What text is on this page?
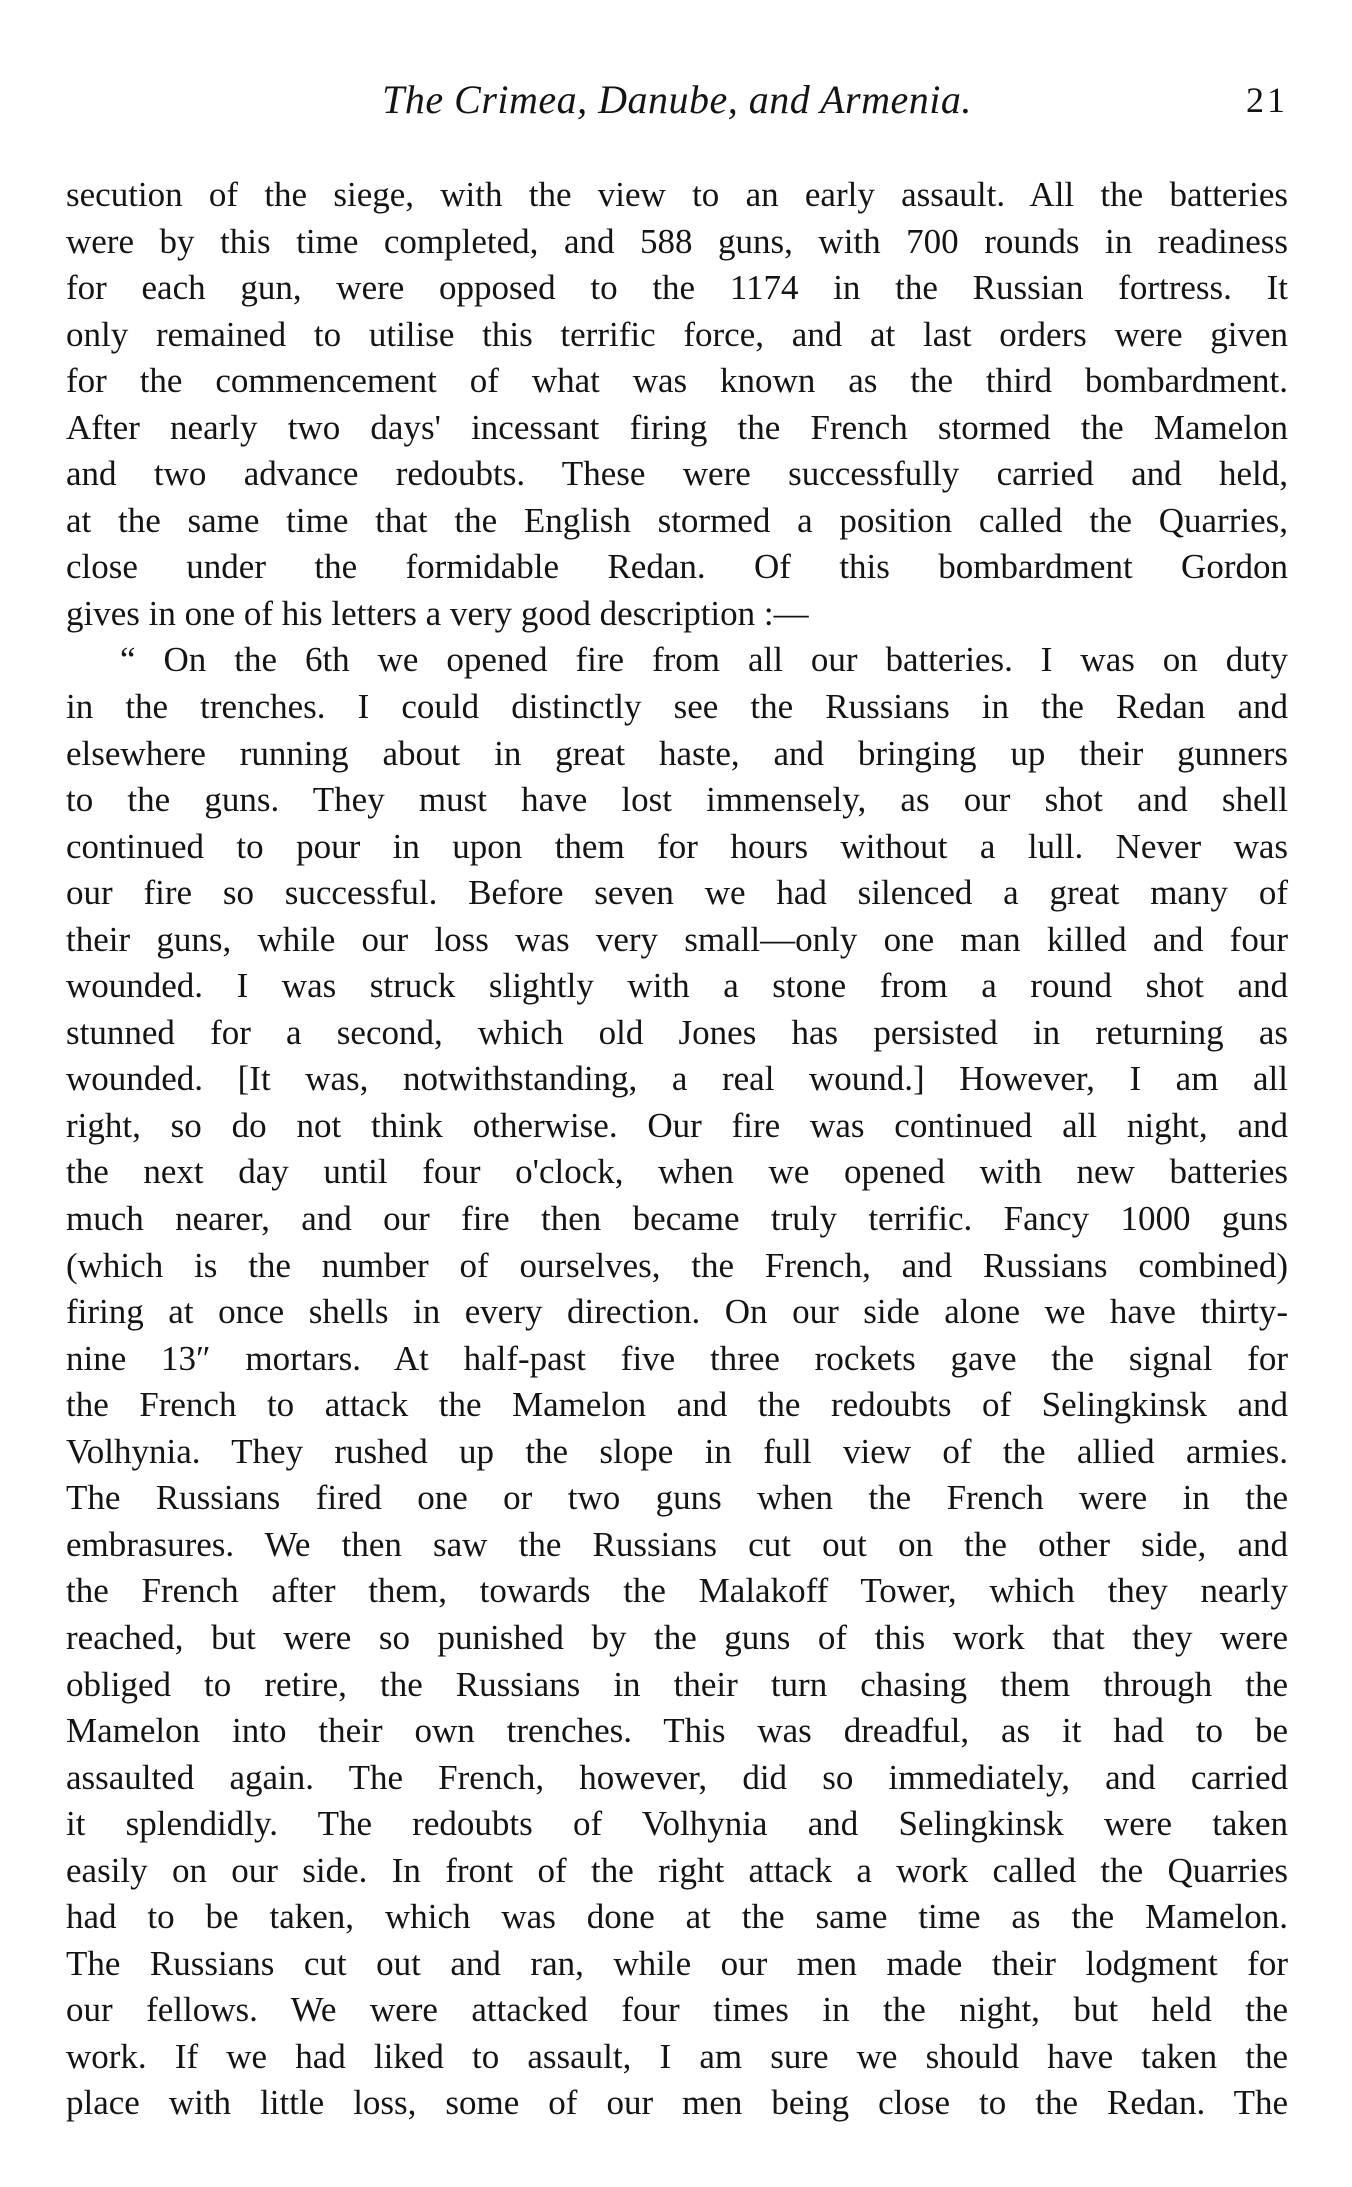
The Crimea, Danube, and Armenia.	21
secution of the siege, with the view to an early assault. All the batteries
were by this time completed, and 588 guns, with 700 rounds in readiness
for each gun, were opposed to the 1174 in the Russian fortress. It
only remained to utilise this terrific force, and at last orders were given
for the commencement of what was known as the third bombardment.
After nearly two days' incessant firing the French stormed the Mamelon
and two advance redoubts. These were successfully carried and held,
at the same time that the English stormed a position called the Quarries,
close under the formidable Redan. Of this bombardment Gordon
gives in one of his letters a very good description :—
“ On the 6th we opened fire from all our batteries. I was on duty
in the trenches. I could distinctly see the Russians in the Redan and
elsewhere running about in great haste, and bringing up their gunners
to the guns. They must have lost immensely, as our shot and shell
continued to pour in upon them for hours without a lull. Never was
our fire so successful. Before seven we had silenced a great many of
their guns, while our loss was very small—only one man killed and four
wounded. I was struck slightly with a stone from a round shot and
stunned for a second, which old Jones has persisted in returning as
wounded. [It was, notwithstanding, a real wound.] However, I am all
right, so do not think otherwise. Our fire was continued all night, and
the next day until four o'clock, when we opened with new batteries
much nearer, and our fire then became truly terrific. Fancy 1000 guns
(which is the number of ourselves, the French, and Russians combined)
firing at once shells in every direction. On our side alone we have thirty-
nine 13″ mortars. At half-past five three rockets gave the signal for
the French to attack the Mamelon and the redoubts of Selingkinsk and
Volhynia. They rushed up the slope in full view of the allied armies.
The Russians fired one or two guns when the French were in the
embrasures. We then saw the Russians cut out on the other side, and
the French after them, towards the Malakoff Tower, which they nearly
reached, but were so punished by the guns of this work that they were
obliged to retire, the Russians in their turn chasing them through the
Mamelon into their own trenches. This was dreadful, as it had to be
assaulted again. The French, however, did so immediately, and carried
it splendidly. The redoubts of Volhynia and Selingkinsk were taken
easily on our side. In front of the right attack a work called the Quarries
had to be taken, which was done at the same time as the Mamelon.
The Russians cut out and ran, while our men made their lodgment for
our fellows. We were attacked four times in the night, but held the
work. If we had liked to assault, I am sure we should have taken the
place with little loss, some of our men being close to the Redan. The
